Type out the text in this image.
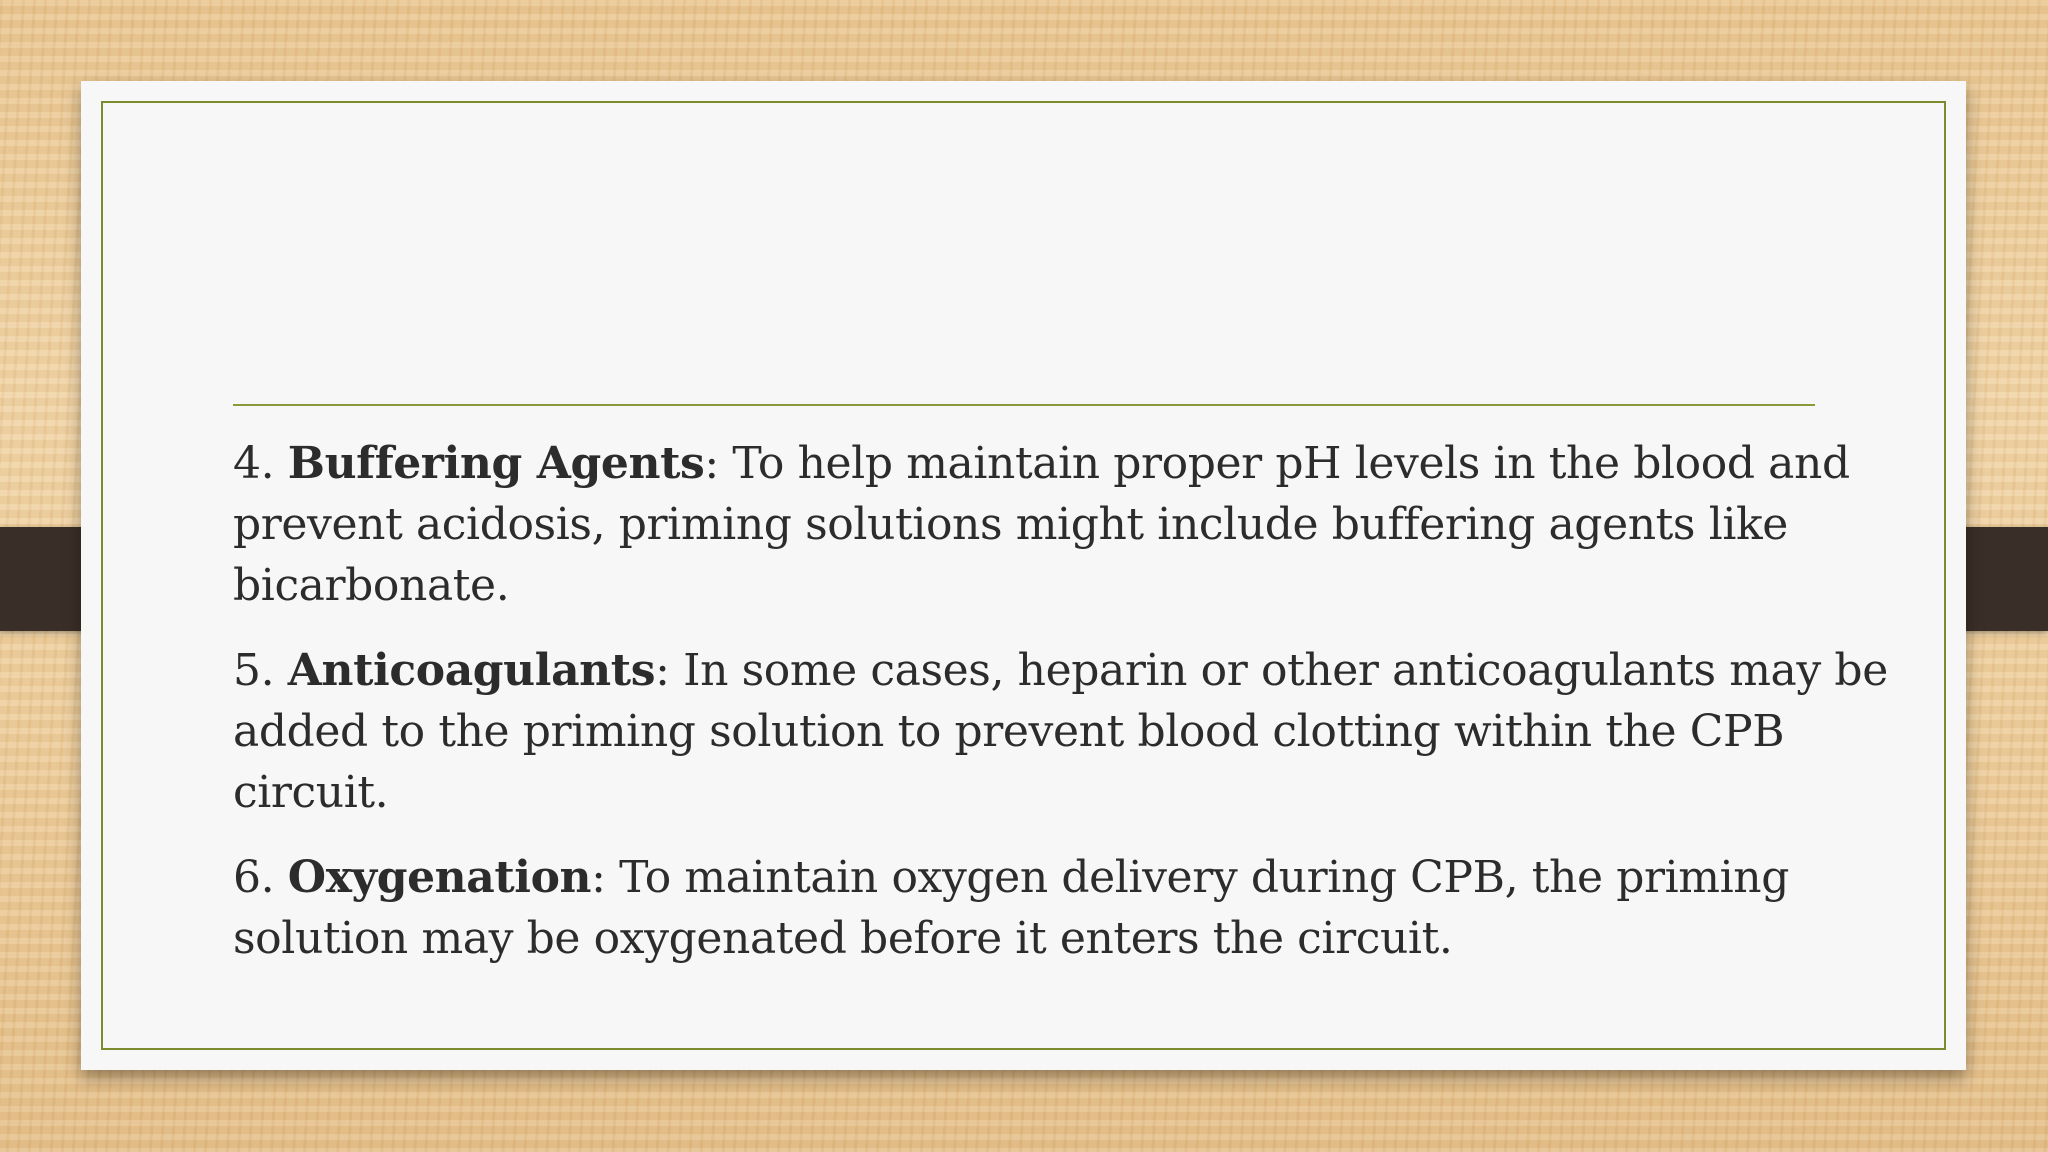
4. Buffering Agents: To help maintain proper pH levels in the blood and prevent acidosis, priming solutions might include buffering agents like bicarbonate.

5. Anticoagulants: In some cases, heparin or other anticoagulants may be added to the priming solution to prevent blood clotting within the CPB circuit.

6. Oxygenation: To maintain oxygen delivery during CPB, the priming solution may be oxygenated before it enters the circuit.
